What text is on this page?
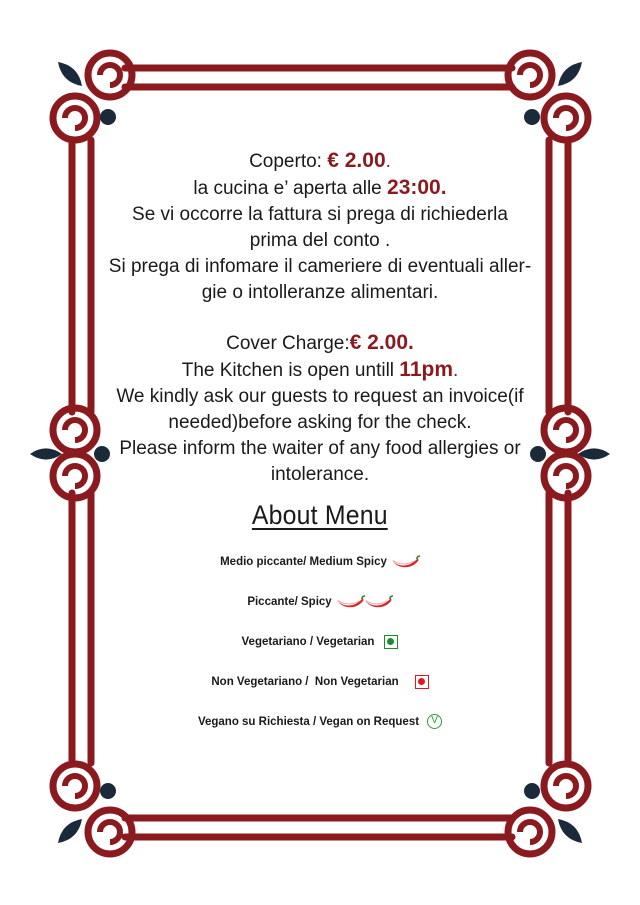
Coperto: € 2.00.

la cucina e’ aperta alle 23:00.

Se vi occorre la fattura si prega di richiederla

prima del conto .

Si prega di infomare il cameriere di eventuali aller-

gie o intolleranze alimentari.

Cover Charge:€ 2.00.

The Kitchen is open untill 11pm.

We kindly ask our guests to request an invoice(if

needed)before asking for the check.

Please inform the waiter of any food allergies or

intolerance.

About Menu
Medio piccante/ Medium Spicy
Piccante/ Spicy
Vegetariano / Vegetarian
Non Vegetariano /  Non Vegetarian
Vegano su Richiesta / Vegan on Request	V
